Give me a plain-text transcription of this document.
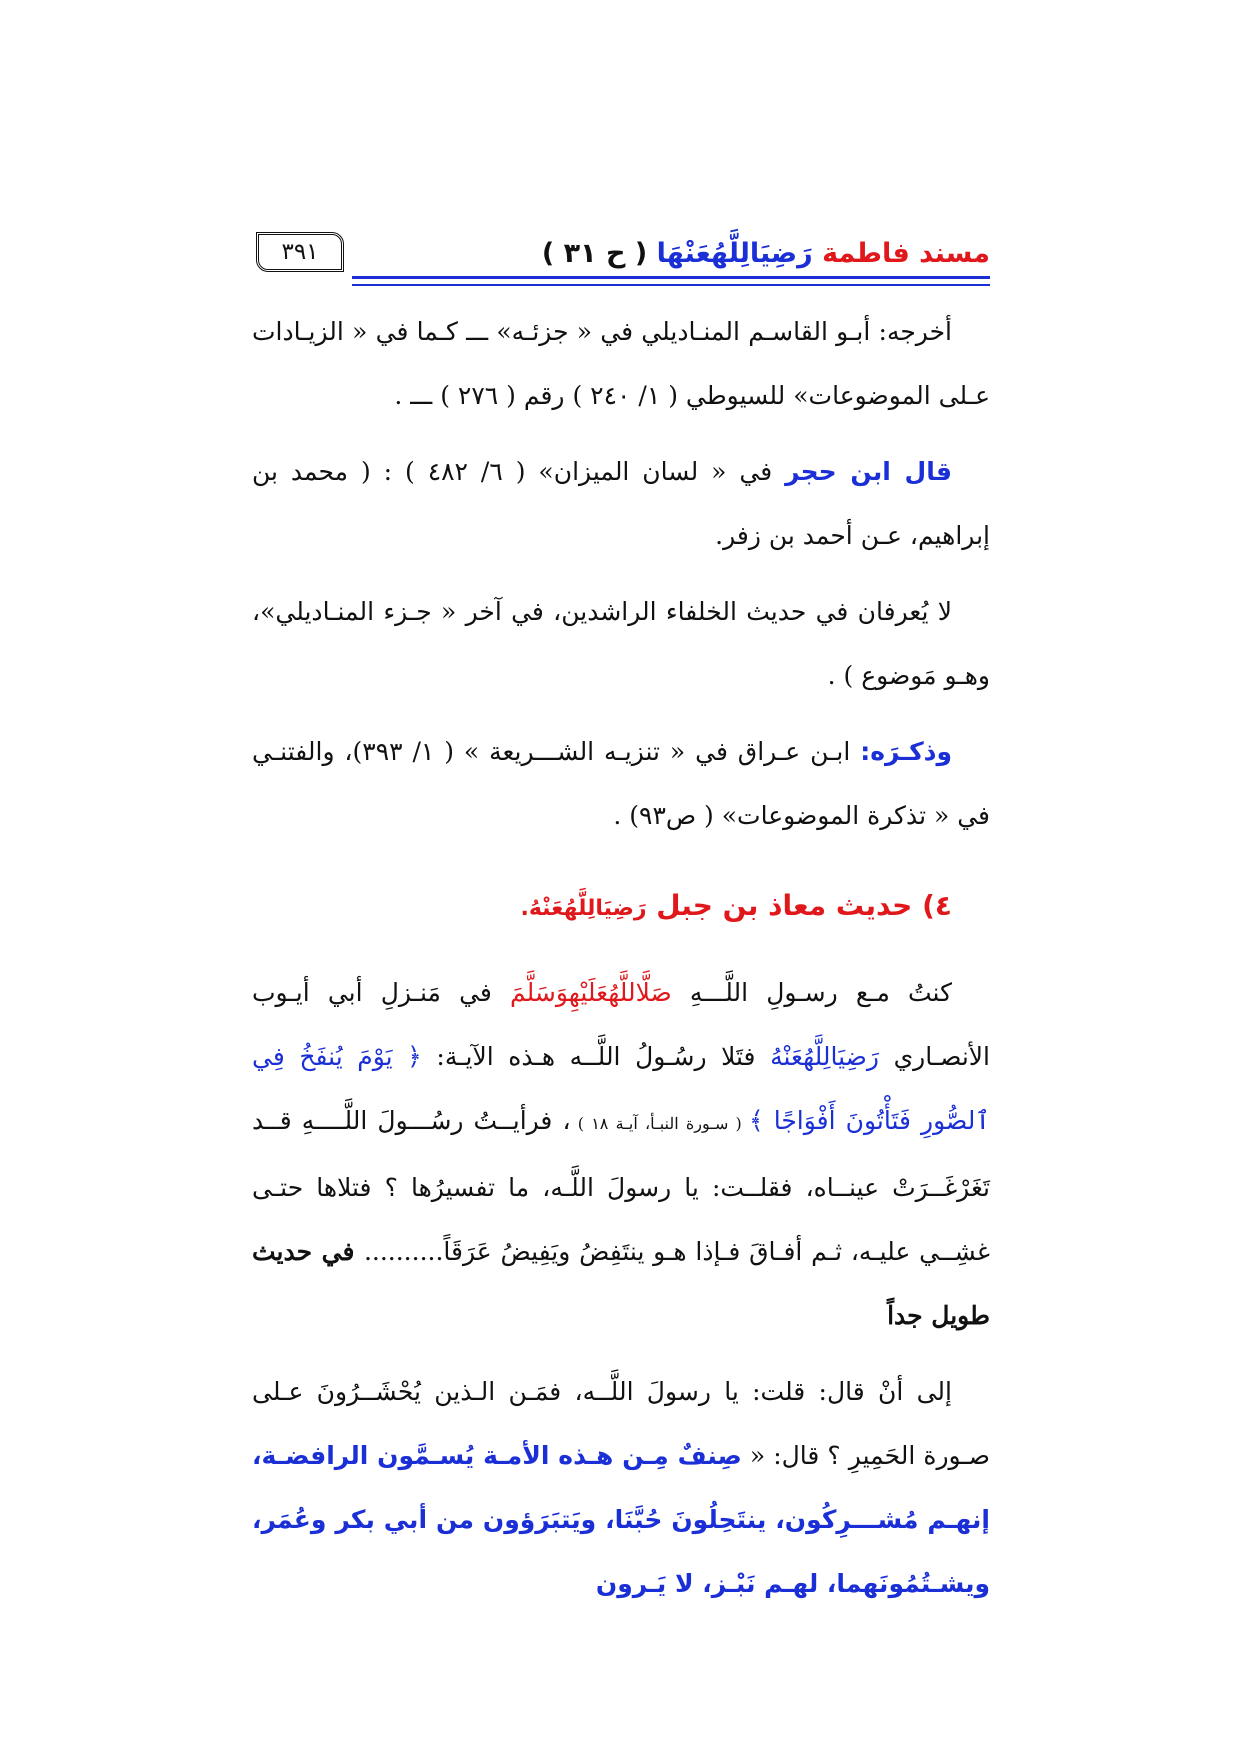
مسند فاطمة رَضِيَالِلَّهُعَنْهَا ( ح ٣١ )
٣٩١

أخرجه: أبـو القاسـم المنـاديلي في « جزئـه» ـــ كـما في « الزيـادات عـلى الموضوعات» للسيوطي ( ١/ ٢٤٠ ) رقم ( ٢٧٦ ) ـــ .

قال ابن حجر في « لسان الميزان» ( ٦/ ٤٨٢ ) : ( محمد بن إبراهيم، عـن أحمد بن زفر.

لا يُعرفان في حديث الخلفاء الراشدين، في آخر « جـزء المنـاديلي»، وهـو مَوضوع ) .

وذكـرَه: ابـن عـراق في « تنزيـه الشـــريعة » ( ١/ ٣٩٣)، والفتنـي في « تذكرة الموضوعات» ( ص٩٣) .

٤) حديث معاذ بن جبل رَضِيَالِلَّهُعَنْهُ.

كنتُ مـع رسـولِ اللَّـــهِ صَلَّاللَّهُعَلَيْهِوَسَلَّمَ في مَنـزلِ أبي أيـوب الأنصـاري رَضِيَالِلَّهُعَنْهُ فتَلا رسُـولُ اللَّــه هـذه الآيـة: ﴿ يَوْمَ يُنفَخُ فِي ٱلصُّورِ فَتَأْتُونَ أَفْوَاجًا ﴾ ( سـورة النبـأ، آيـة ١٨ ) ، فرأيــتُ رسُـــولَ اللَّــــهِ قــد تَغَرْغَــرَتْ عينــاه، فقلــت: يا رسولَ اللَّـه، ما تفسيرُها ؟ فتلاها حتـى غشِــي عليـه، ثـم أفـاقَ فـإذا هـو ينتَفِضُ ويَفِيضُ عَرَقَاً.......... في حديث طويل جداً

إلى أنْ قال: قلت: يا رسولَ اللَّــه، فمَـن الـذين يُحْشَــرُونَ عـلى صـورة الحَمِيرِ ؟ قال: « صِنفٌ مِـن هـذه الأمـة يُسـمَّون الرافضـة، إنهـم مُشـــرِكُون، ينتَحِلُونَ حُبَّنَا، ويَتبَرَؤون من أبي بكر وعُمَر، ويشـتُمُونَهما، لهـم نَبْـز، لا يَـرون
